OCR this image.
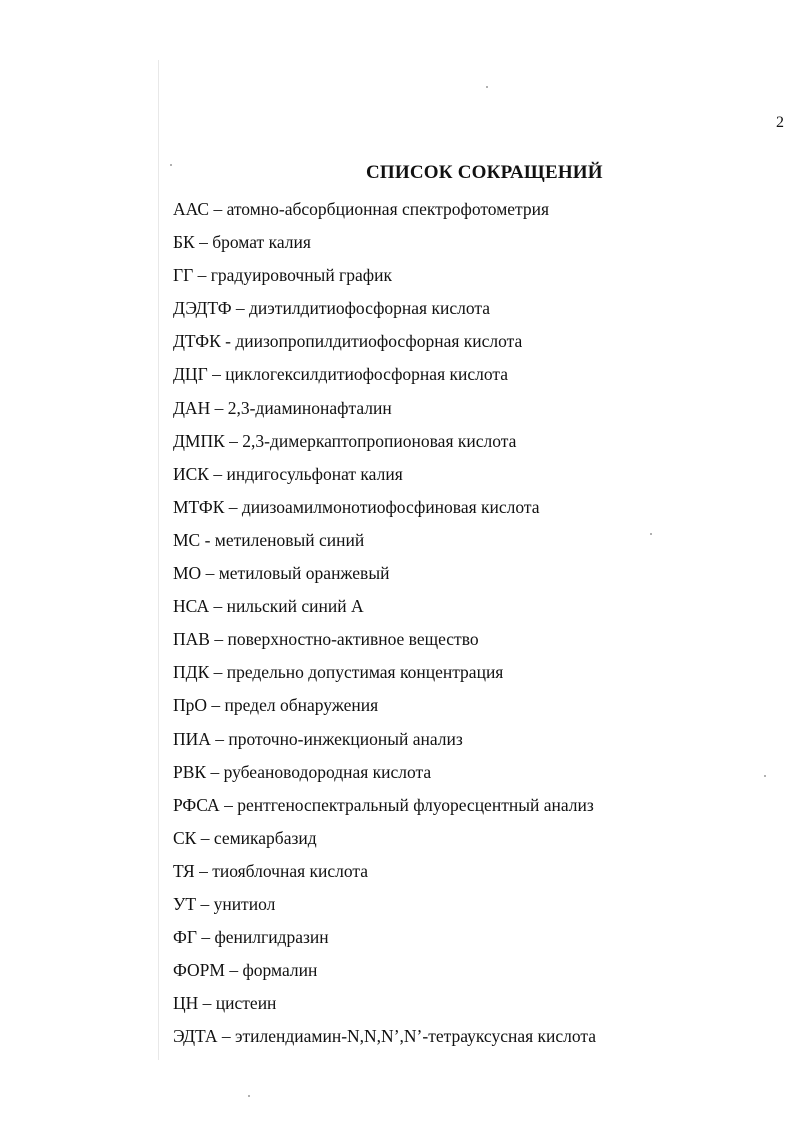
2
СПИСОК СОКРАЩЕНИЙ
ААС – атомно-абсорбционная спектрофотометрия
БК – бромат калия
ГГ – градуировочный график
ДЭДТФ – диэтилдитиофосфорная кислота
ДТФК - диизопропилдитиофосфорная кислота
ДЦГ – циклогексилдитиофосфорная кислота
ДАН – 2,3-диаминонафталин
ДМПК – 2,3-димеркаптопропионовая кислота
ИСК – индигосульфонат калия
МТФК – диизоамилмонотиофосфиновая кислота
МС - метиленовый синий
МО – метиловый оранжевый
НСА – нильский синий А
ПАВ – поверхностно-активное вещество
ПДК – предельно допустимая концентрация
ПрО – предел обнаружения
ПИА – проточно-инжекционый анализ
РВК – рубеановодородная кислота
РФСА – рентгеноспектральный флуоресцентный анализ
СК – семикарбазид
ТЯ – тиояблочная кислота
УТ – унитиол
ФГ – фенилгидразин
ФОРМ – формалин
ЦН – цистеин
ЭДТА – этилендиамин-N,N,N’,N’-тетрауксусная кислота
